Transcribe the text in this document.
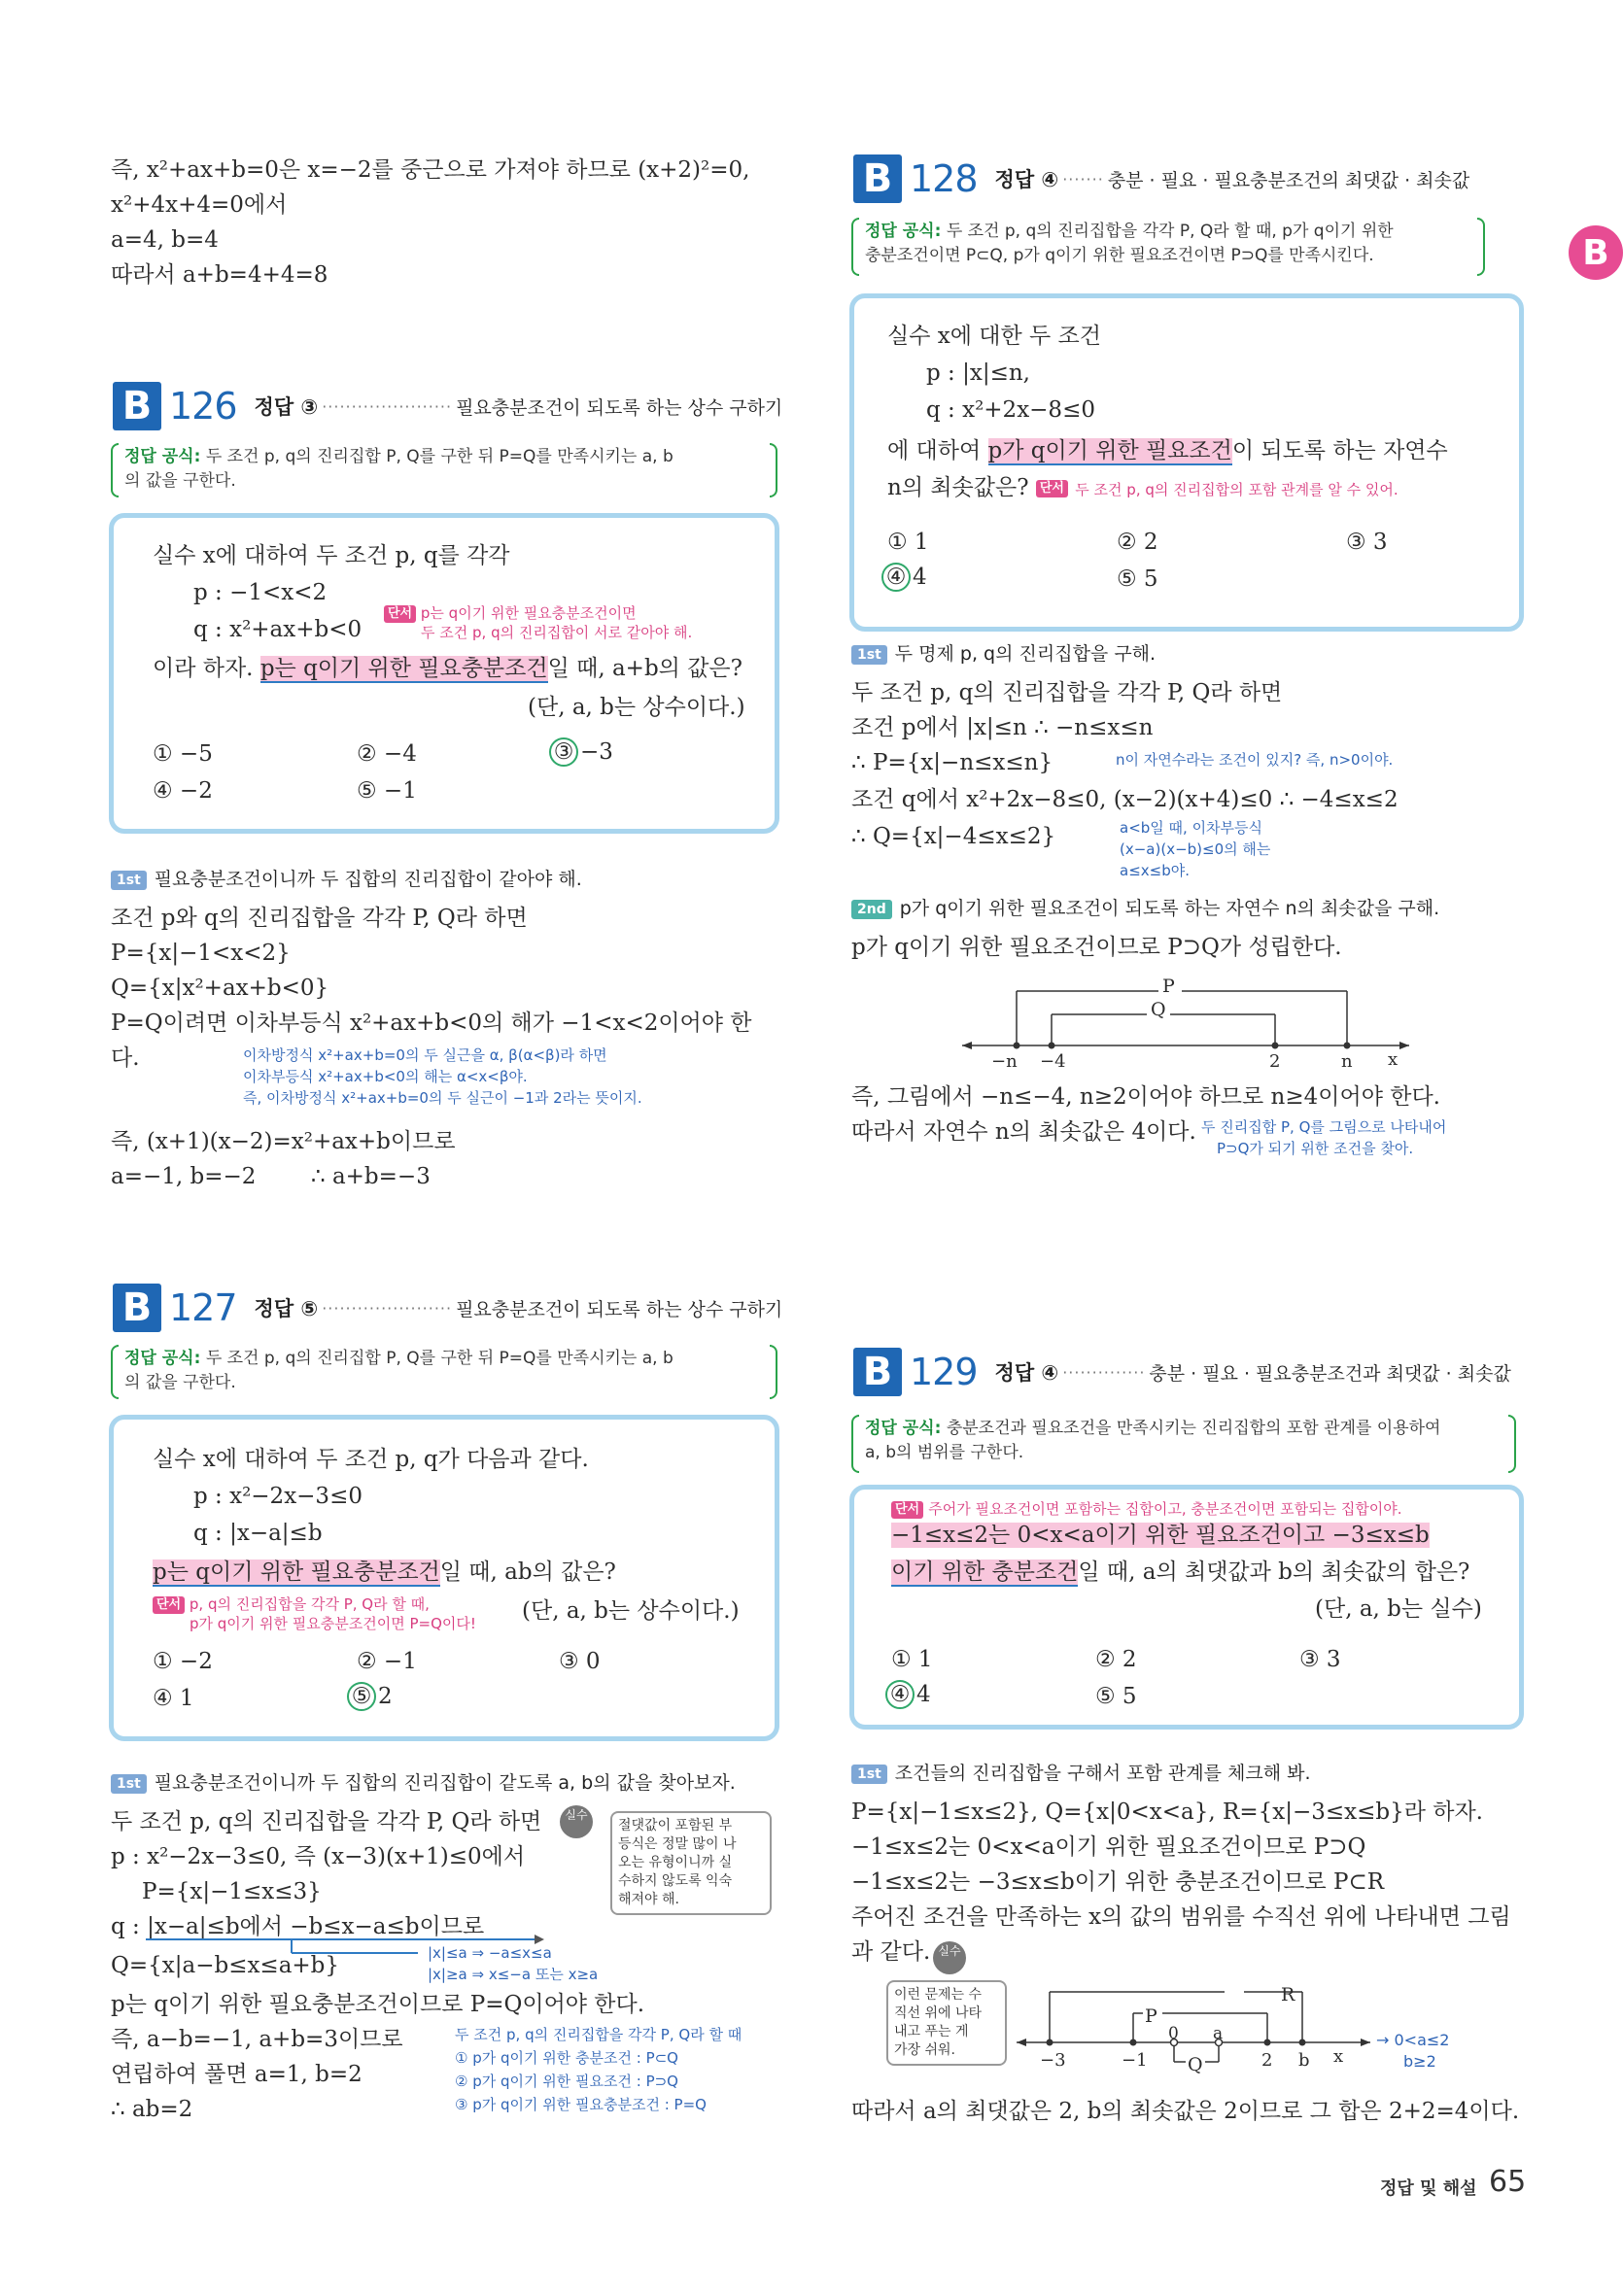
B
즉, x²+ax+b=0은 x=−2를 중근으로 가져야 하므로 (x+2)²=0,
x²+4x+4=0에서
a=4, b=4
따라서 a+b=4+4=8
B 126 정답 ③ ······················ 필요충분조건이 되도록 하는 상수 구하기
정답 공식: 두 조건 p, q의 진리집합 P, Q를 구한 뒤 P=Q를 만족시키는 a, b
의 값을 구한다.
실수 x에 대하여 두 조건 p, q를 각각
p : −1<x<2
q : x²+ax+b<0
단서 p는 q이기 위한 필요충분조건이면
두 조건 p, q의 진리집합이 서로 같아야 해.
이라 하자. p는 q이기 위한 필요충분조건일 때, a+b의 값은?
(단, a, b는 상수이다.)
① −5	② −4	③ −3
④ −2	⑤ −1
1st 필요충분조건이니까 두 집합의 진리집합이 같아야 해.
조건 p와 q의 진리집합을 각각 P, Q라 하면
P={x|−1<x<2}
Q={x|x²+ax+b<0}
P=Q이려면 이차부등식 x²+ax+b<0의 해가 −1<x<2이어야 한
다.	이차방정식 x²+ax+b=0의 두 실근을 α, β(α<β)라 하면
이차부등식 x²+ax+b<0의 해는 α<x<β야.
즉, 이차방정식 x²+ax+b=0의 두 실근이 −1과 2라는 뜻이지.
즉, (x+1)(x−2)=x²+ax+b이므로
a=−1, b=−2 ∴ a+b=−3
B 127 정답 ⑤ ······················ 필요충분조건이 되도록 하는 상수 구하기
정답 공식: 두 조건 p, q의 진리집합 P, Q를 구한 뒤 P=Q를 만족시키는 a, b
의 값을 구한다.
실수 x에 대하여 두 조건 p, q가 다음과 같다.
p : x²−2x−3≤0
q : |x−a|≤b
p는 q이기 위한 필요충분조건일 때, ab의 값은?
단서 p, q의 진리집합을 각각 P, Q라 할 때,
p가 q이기 위한 필요충분조건이면 P=Q이다! (단, a, b는 상수이다.)
① −2	② −1	③ 0
④ 1	⑤ 2
1st 필요충분조건이니까 두 집합의 진리집합이 같도록 a, b의 값을 찾아보자.
두 조건 p, q의 진리집합을 각각 P, Q라 하면
p : x²−2x−3≤0, 즉 (x−3)(x+1)≤0에서
P={x|−1≤x≤3}
q : |x−a|≤b에서 −b≤x−a≤b이므로
Q={x|a−b≤x≤a+b}
p는 q이기 위한 필요충분조건이므로 P=Q이어야 한다.
즉, a−b=−1, a+b=3이므로
연립하여 풀면 a=1, b=2
∴ ab=2
실수
절댓값이 포함된 부
등식은 정말 많이 나
오는 유형이니까 실
수하지 않도록 익숙
해져야 해.
|x|≤a ⇒ −a≤x≤a
|x|≥a ⇒ x≤−a 또는 x≥a
두 조건 p, q의 진리집합을 각각 P, Q라 할 때
① p가 q이기 위한 충분조건 : P⊂Q
② p가 q이기 위한 필요조건 : P⊃Q
③ p가 q이기 위한 필요충분조건 : P=Q
B 128 정답 ④ ······· 충분 · 필요 · 필요충분조건의 최댓값 · 최솟값
정답 공식: 두 조건 p, q의 진리집합을 각각 P, Q라 할 때, p가 q이기 위한
충분조건이면 P⊂Q, p가 q이기 위한 필요조건이면 P⊃Q를 만족시킨다.
실수 x에 대한 두 조건
p : |x|≤n,
q : x²+2x−8≤0
에 대하여 p가 q이기 위한 필요조건이 되도록 하는 자연수
n의 최솟값은? 단서 두 조건 p, q의 진리집합의 포함 관계를 알 수 있어.
① 1	② 2	③ 3
④ 4	⑤ 5
1st 두 명제 p, q의 진리집합을 구해.
두 조건 p, q의 진리집합을 각각 P, Q라 하면
조건 p에서 |x|≤n ∴ −n≤x≤n
∴ P={x|−n≤x≤n}	n이 자연수라는 조건이 있지? 즉, n>0이야.
조건 q에서 x²+2x−8≤0, (x−2)(x+4)≤0 ∴ −4≤x≤2
∴ Q={x|−4≤x≤2}	a<b일 때, 이차부등식
(x−a)(x−b)≤0의 해는
a≤x≤b야.
2nd p가 q이기 위한 필요조건이 되도록 하는 자연수 n의 최솟값을 구해.
p가 q이기 위한 필요조건이므로 P⊃Q가 성립한다.
P
Q
−n −4	2	n x
즉, 그림에서 −n≤−4, n≥2이어야 하므로 n≥4이어야 한다.
따라서 자연수 n의 최솟값은 4이다. 두 진리집합 P, Q를 그림으로 나타내어
P⊃Q가 되기 위한 조건을 찾아.
B 129 정답 ④ ·············· 충분 · 필요 · 필요충분조건과 최댓값 · 최솟값
정답 공식: 충분조건과 필요조건을 만족시키는 진리집합의 포함 관계를 이용하여
a, b의 범위를 구한다.
단서 주어가 필요조건이면 포함하는 집합이고, 충분조건이면 포함되는 집합이야.
−1≤x≤2는 0<x<a이기 위한 필요조건이고 −3≤x≤b
이기 위한 충분조건일 때, a의 최댓값과 b의 최솟값의 합은?
(단, a, b는 실수)
① 1	② 2	③ 3
④ 4	⑤ 5
1st 조건들의 진리집합을 구해서 포함 관계를 체크해 봐.
P={x|−1≤x≤2}, Q={x|0<x<a}, R={x|−3≤x≤b}라 하자.
−1≤x≤2는 0<x<a이기 위한 필요조건이므로 P⊃Q
−1≤x≤2는 −3≤x≤b이기 위한 충분조건이므로 P⊂R
주어진 조건을 만족하는 x의 값의 범위를 수직선 위에 나타내면 그림
과 같다. 실수
이런 문제는 수
직선 위에 나타
내고 푸는 게
가장 쉬워.
R
P
Q
−3	−1
0 a
2 b x
→ 0<a≤2
b≥2
따라서 a의 최댓값은 2, b의 최솟값은 2이므로 그 합은 2+2=4이다.
정답 및 해설 65
